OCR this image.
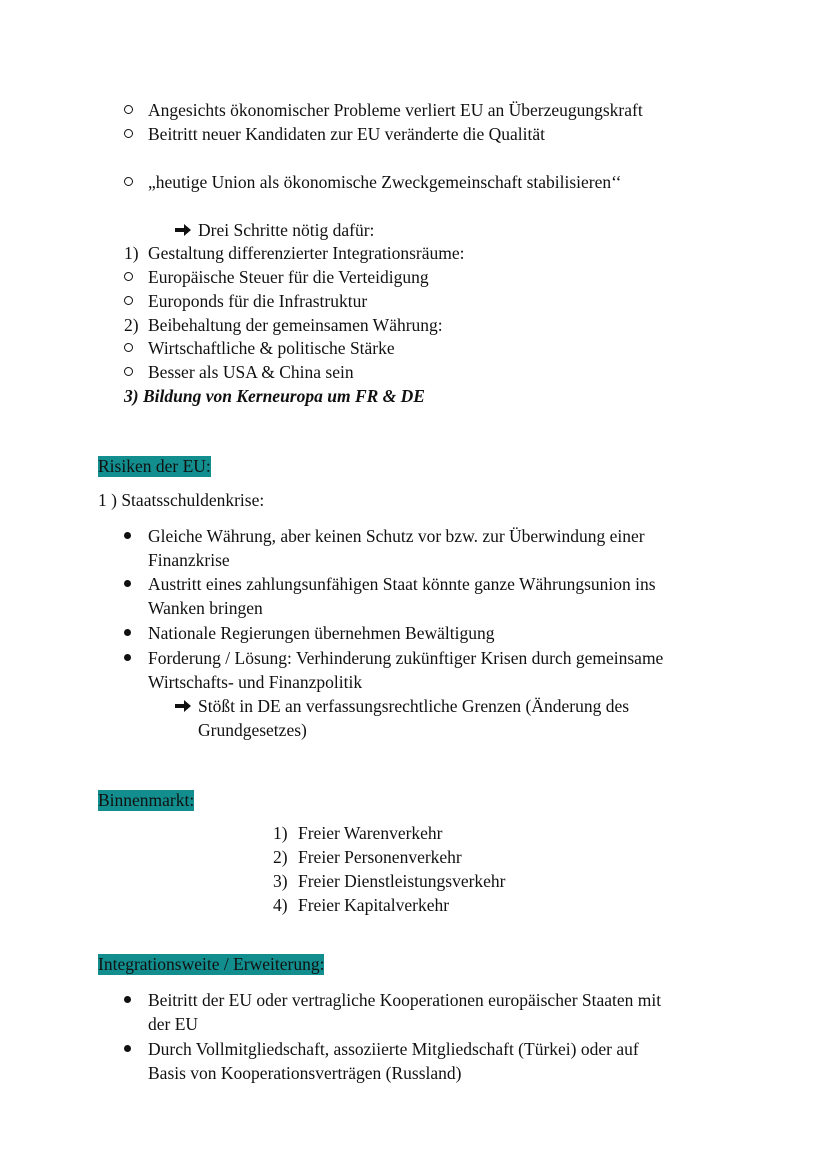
Angesichts ökonomischer Probleme verliert EU an Überzeugungskraft
Beitritt neuer Kandidaten zur EU veränderte die Qualität
„heutige Union als ökonomische Zweckgemeinschaft stabilisieren‘‘
Drei Schritte nötig dafür:
1) Gestaltung differenzierter Integrationsräume:
Europäische Steuer für die Verteidigung
Europonds für die Infrastruktur
2) Beibehaltung der gemeinsamen Währung:
Wirtschaftliche & politische Stärke
Besser als USA & China sein
3) Bildung von Kerneuropa um FR & DE
Risiken der EU:
1 ) Staatsschuldenkrise:
Gleiche Währung, aber keinen Schutz vor bzw. zur Überwindung einer
Finanzkrise
Austritt eines zahlungsunfähigen Staat könnte ganze Währungsunion ins
Wanken bringen
Nationale Regierungen übernehmen Bewältigung
Forderung / Lösung: Verhinderung zukünftiger Krisen durch gemeinsame
Wirtschafts- und Finanzpolitik
Stößt in DE an verfassungsrechtliche Grenzen (Änderung des
Grundgesetzes)
Binnenmarkt:
1) Freier Warenverkehr
2) Freier Personenverkehr
3) Freier Dienstleistungsverkehr
4) Freier Kapitalverkehr
Integrationsweite / Erweiterung:
Beitritt der EU oder vertragliche Kooperationen europäischer Staaten mit
der EU
Durch Vollmitgliedschaft, assoziierte Mitgliedschaft (Türkei) oder auf
Basis von Kooperationsverträgen (Russland)
